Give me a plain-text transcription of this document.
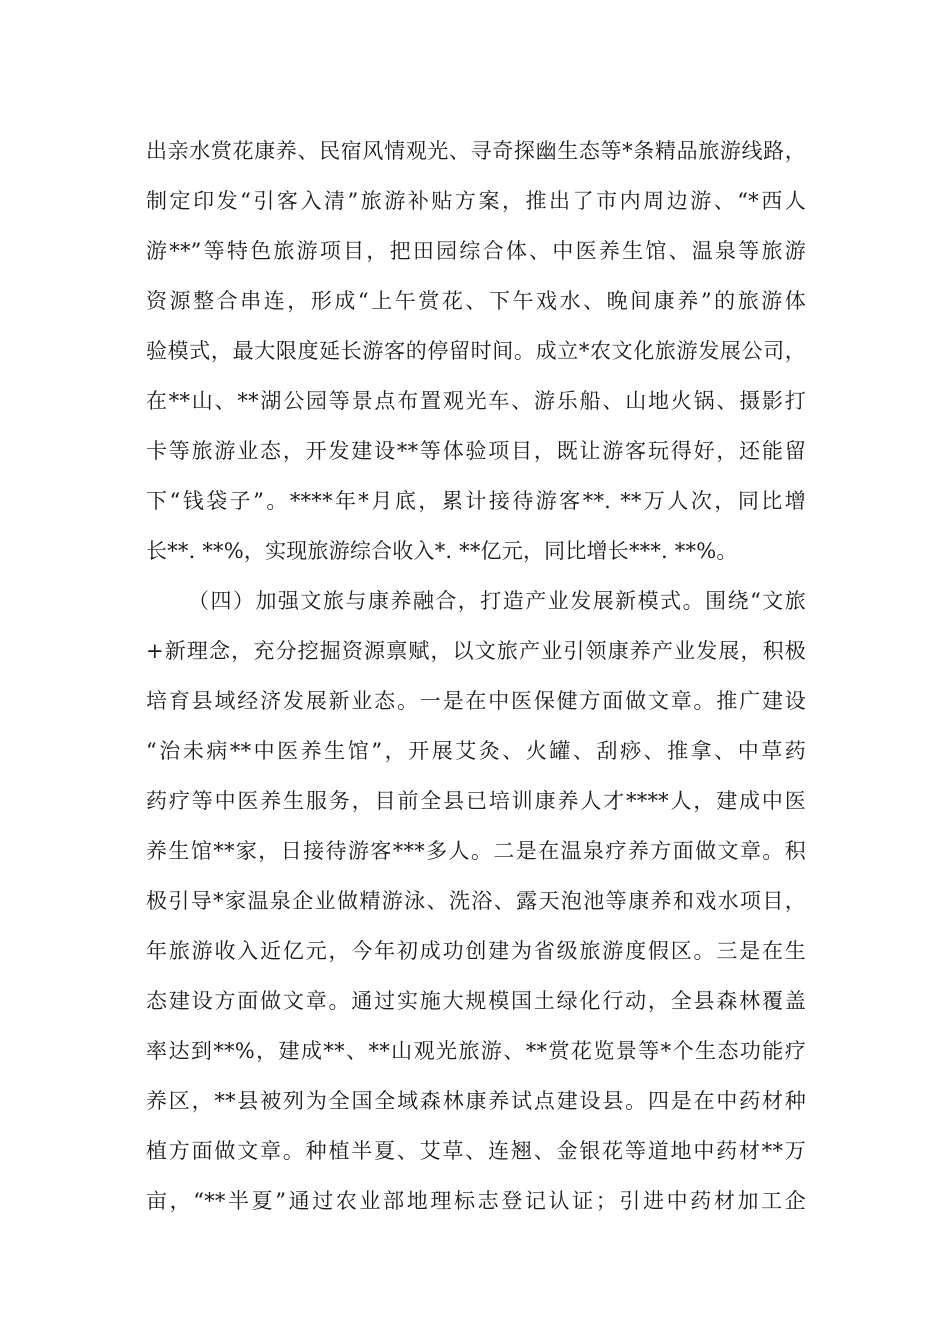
出亲水赏花康养、民宿风情观光、寻奇探幽生态等*条精品旅游线路，
制定印发“引客入清”旅游补贴方案，推出了市内周边游、“*西人
游**”等特色旅游项目，把田园综合体、中医养生馆、温泉等旅游
资源整合串连，形成“上午赏花、下午戏水、晚间康养”的旅游体
验模式，最大限度延长游客的停留时间。成立*农文化旅游发展公司，
在**山、**湖公园等景点布置观光车、游乐船、山地火锅、摄影打
卡等旅游业态，开发建设**等体验项目，既让游客玩得好，还能留
下“钱袋子”。****年*月底，累计接待游客**. **万人次，同比增
长**. **%，实现旅游综合收入*. **亿元，同比增长***. **%。
（四）加强文旅与康养融合，打造产业发展新模式。围绕“文旅
+新理念，充分挖掘资源禀赋，以文旅产业引领康养产业发展，积极
培育县域经济发展新业态。一是在中医保健方面做文章。推广建设
“治未病**中医养生馆”，开展艾灸、火罐、刮痧、推拿、中草药
药疗等中医养生服务，目前全县已培训康养人才****人，建成中医
养生馆**家，日接待游客***多人。二是在温泉疗养方面做文章。积
极引导*家温泉企业做精游泳、洗浴、露天泡池等康养和戏水项目，
年旅游收入近亿元，今年初成功创建为省级旅游度假区。三是在生
态建设方面做文章。通过实施大规模国土绿化行动，全县森林覆盖
率达到**%，建成**、**山观光旅游、**赏花览景等*个生态功能疗
养区，**县被列为全国全域森林康养试点建设县。四是在中药材种
植方面做文章。种植半夏、艾草、连翘、金银花等道地中药材**万
亩，“**半夏”通过农业部地理标志登记认证；引进中药材加工企
